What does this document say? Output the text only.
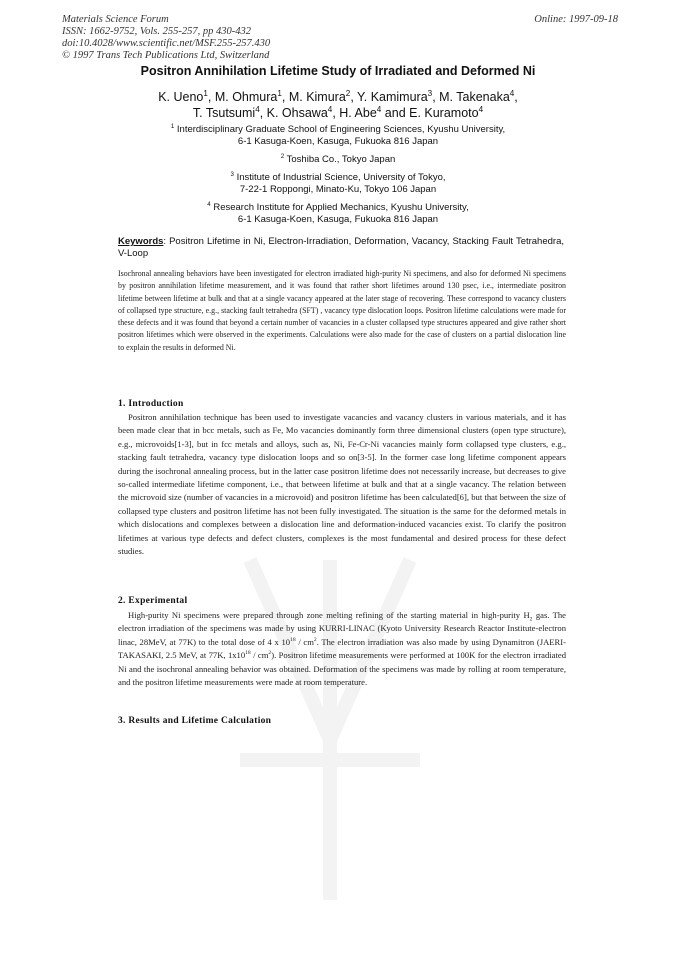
Materials Science Forum
ISSN: 1662-9752, Vols. 255-257, pp 430-432
doi:10.4028/www.scientific.net/MSF.255-257.430
© 1997 Trans Tech Publications Ltd, Switzerland
Online: 1997-09-18
Positron Annihilation Lifetime Study of Irradiated and Deformed Ni
K. Ueno$^1$, M. Ohmura$^1$, M. Kimura$^2$, Y. Kamimura$^3$, M. Takenaka$^4$,
T. Tsutsumi$^4$, K. Ohsawa$^4$, H. Abe$^4$ and E. Kuramoto$^4$
$^1$ Interdisciplinary Graduate School of Engineering Sciences, Kyushu University,
6-1 Kasuga-Koen, Kasuga, Fukuoka 816 Japan
$^2$ Toshiba Co., Tokyo Japan
$^3$ Institute of Industrial Science, University of Tokyo,
7-22-1 Roppongi, Minato-Ku, Tokyo 106 Japan
$^4$ Research Institute for Applied Mechanics, Kyushu University,
6-1 Kasuga-Koen, Kasuga, Fukuoka 816 Japan
Keywords: Positron Lifetime in Ni, Electron-Irradiation, Deformation, Vacancy, Stacking Fault Tetrahedra, V-Loop
Isochronal annealing behaviors have been investigated for electron irradiated high-purity Ni specimens, and also for deformed Ni specimens by positron annihilation lifetime measurement, and it was found that rather short lifetimes around 130 psec, i.e., intermediate positron lifetime between lifetime at bulk and that at a single vacancy appeared at the later stage of recovering. These correspond to vacancy clusters of collapsed type structure, e.g., stacking fault tetrahedra (SFT) , vacancy type dislocation loops. Positron lifetime calculations were made for these defects and it was found that beyond a certain number of vacancies in a cluster collapsed type structures appeared and give rather short positron lifetimes which were observed in the experiments. Calculations were also made for the case of clusters on a partial dislocation line to explain the results in deformed Ni.
1. Introduction
Positron annihilation technique has been used to investigate vacancies and vacancy clusters in various materials, and it has been made clear that in bcc metals, such as Fe, Mo vacancies dominantly form three dimensional clusters (open type structure), e.g., microvoids[1-3], but in fcc metals and alloys, such as, Ni, Fe-Cr-Ni vacancies mainly form collapsed type clusters, e.g., stacking fault tetrahedra, vacancy type dislocation loops and so on[3-5]. In the former case long lifetime component appears during the isochronal annealing process, but in the latter case positron lifetime does not necessarily increase, but decreases to give so-called intermediate lifetime component, i.e., that between lifetime at bulk and that at a single vacancy. The relation between the microvoid size (number of vacancies in a microvoid) and positron lifetime has been calculated[6], but that between the size of collapsed type clusters and positron lifetime has not been fully investigated. The situation is the same for the deformed metals in which dislocations and complexes between a dislocation line and deformation-induced vacancies exist. To clarify the positron lifetimes at various type defects and defect clusters, complexes is the most fundamental and desired process for these defect studies.
2. Experimental
High-purity Ni specimens were prepared through zone melting refining of the starting material in high-purity $H_2$ gas. The electron irradiation of the specimens was made by using KURRI-LINAC (Kyoto University Research Reactor Institute-electron linac, 28MeV, at 77K) to the total dose of 4 x $10^{18} / cm^2$. The electron irradiation was also made by using Dynamitron (JAERI-TAKASAKI, 2.5 MeV, at 77K, $1x10^{18} / cm^2$). Positron lifetime measurements were performed at 100K for the electron irradiated Ni and the isochronal annealing behavior was obtained. Deformation of the specimens was made by rolling at room temperature, and the positron lifetime measurements were made at room temperature.
3. Results and Lifetime Calculation
